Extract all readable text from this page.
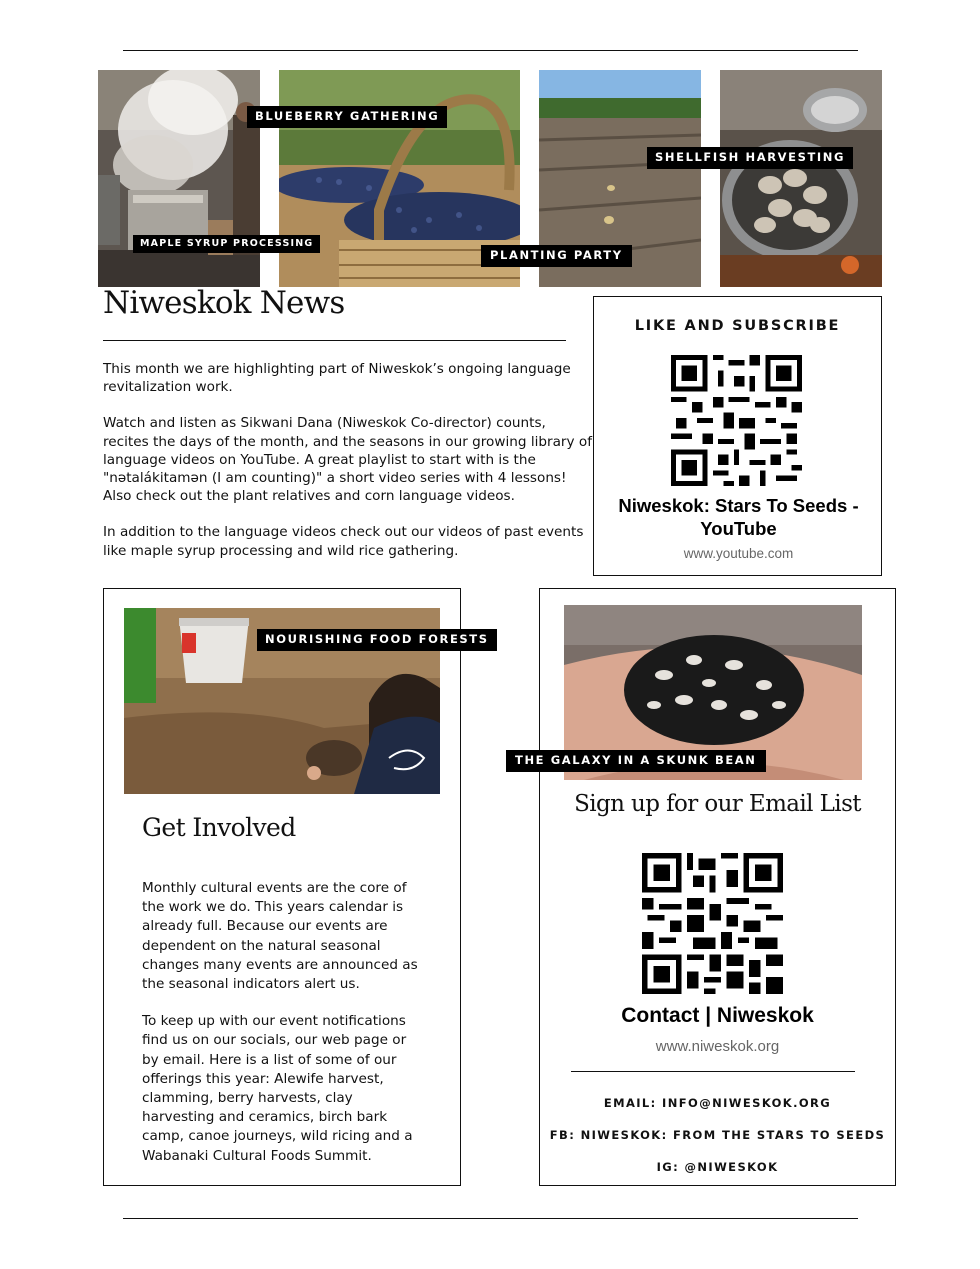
BLUEBERRY GATHERING
SHELLFISH HARVESTING
MAPLE SYRUP PROCESSING
PLANTING PARTY
Niweskok News

This month we are highlighting part of Niweskok’s ongoing language revitalization work.

Watch and listen as Sikwani Dana (Niweskok Co-director) counts, recites the days of the month, and the seasons in our growing library of language videos on YouTube. A great playlist to start with is the "nətalákitamən (I am counting)" a short video series with 4 lessons! Also check out the plant relatives and corn language videos.

In addition to the language videos check out our videos of past events like maple syrup processing and wild rice gathering.

LIKE AND SUBSCRIBE
Niweskok: Stars To Seeds - YouTube
www.youtube.com
Get Involved

Monthly cultural events are the core of the work we do. This years calendar is already full. Because our events are dependent on the natural seasonal changes many events are announced as the seasonal indicators alert us.

To keep up with our event notifications find us on our socials, our web page or by email. Here is a list of some of our offerings this year: Alewife harvest, clamming, berry harvests, clay harvesting and ceramics, birch bark camp, canoe journeys, wild ricing and a Wabanaki Cultural Foods Summit.

NOURISHING FOOD FORESTS
Sign up for our Email List
Contact | Niweskok
www.niweskok.org
EMAIL: INFO@NIWESKOK.ORG
FB: NIWESKOK: FROM THE STARS TO SEEDS
IG: @NIWESKOK
THE GALAXY IN A SKUNK BEAN
